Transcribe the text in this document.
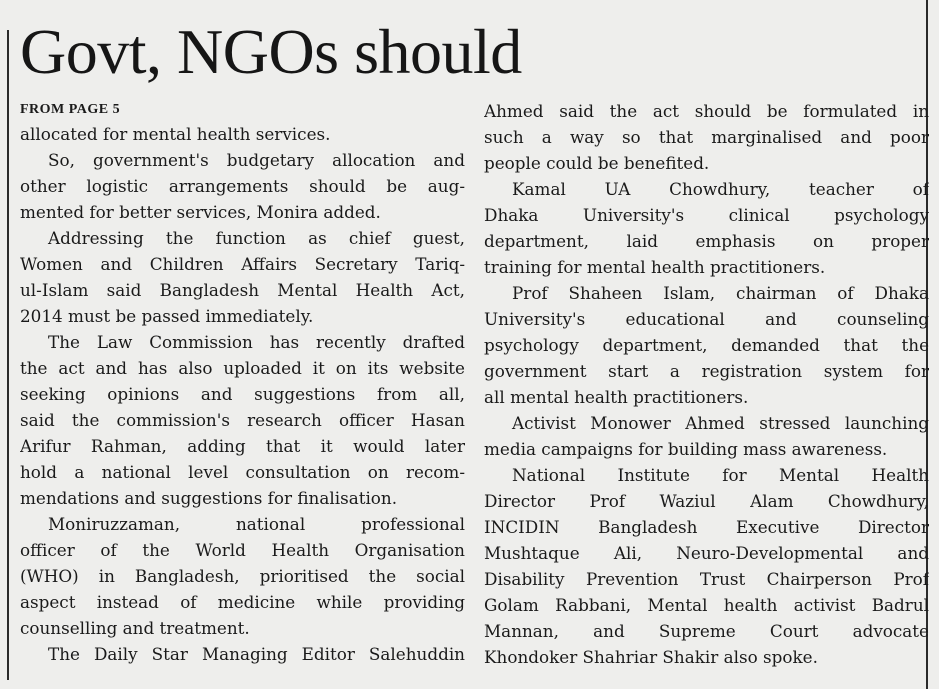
Govt, NGOs should
FROM PAGE 5
allocated for mental health services.
So, government's budgetary allocation and
other logistic arrangements should be aug-
mented for better services, Monira added.
Addressing the function as chief guest,
Women and Children Affairs Secretary Tariq-
ul-Islam said Bangladesh Mental Health Act,
2014 must be passed immediately.
The Law Commission has recently drafted
the act and has also uploaded it on its website
seeking opinions and suggestions from all,
said the commission's research officer Hasan
Arifur Rahman, adding that it would later
hold a national level consultation on recom-
mendations and suggestions for finalisation.
Moniruzzaman, national professional
officer of the World Health Organisation
(WHO) in Bangladesh, prioritised the social
aspect instead of medicine while providing
counselling and treatment.
The Daily Star Managing Editor Salehuddin
Ahmed said the act should be formulated in
such a way so that marginalised and poor
people could be benefited.
Kamal UA Chowdhury, teacher of
Dhaka University's clinical psychology
department, laid emphasis on proper
training for mental health practitioners.
Prof Shaheen Islam, chairman of Dhaka
University's educational and counseling
psychology department, demanded that the
government start a registration system for
all mental health practitioners.
Activist Monower Ahmed stressed launching
media campaigns for building mass awareness.
National Institute for Mental Health
Director Prof Waziul Alam Chowdhury,
INCIDIN Bangladesh Executive Director
Mushtaque Ali, Neuro-Developmental and
Disability Prevention Trust Chairperson Prof
Golam Rabbani, Mental health activist Badrul
Mannan, and Supreme Court advocate
Khondoker Shahriar Shakir also spoke.
